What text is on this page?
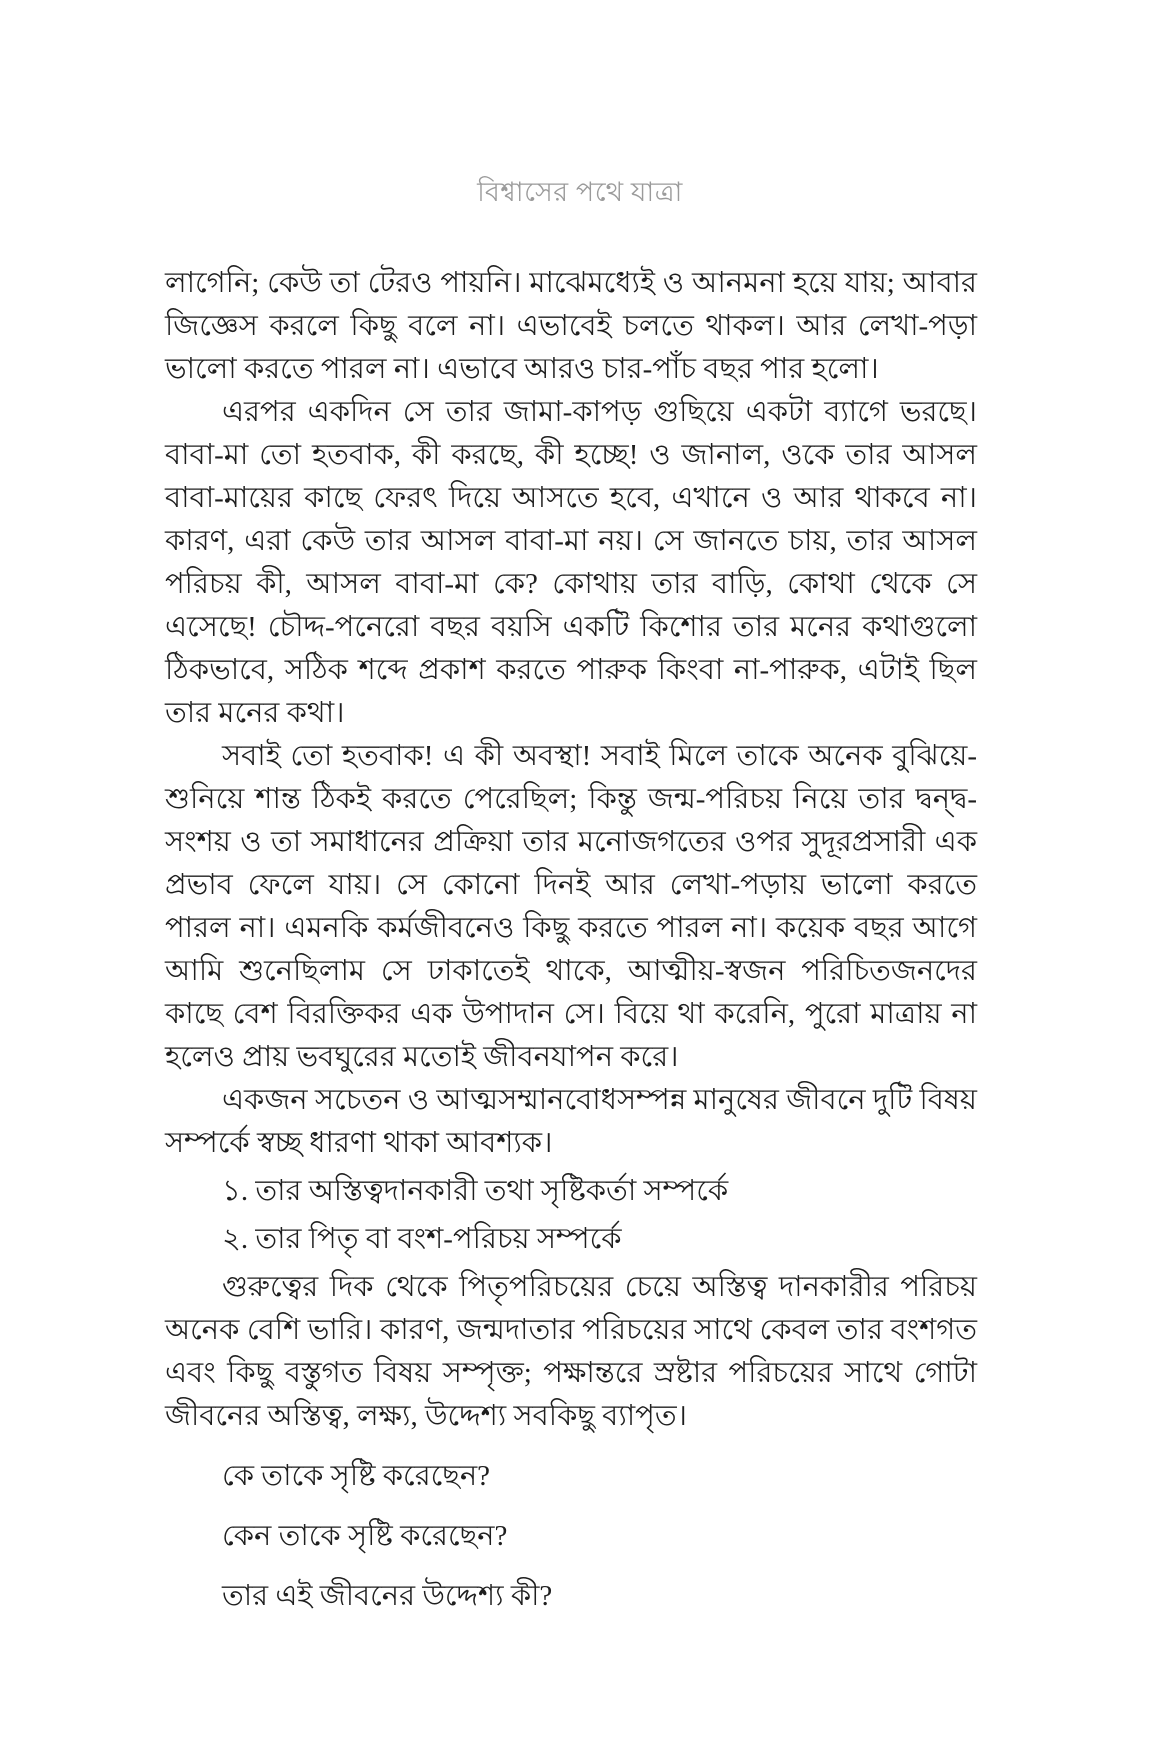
বিশ্বাসের পথে যাত্রা

লাগেনি; কেউ তা টেরও পায়নি। মাঝেমধ্যেই ও আনমনা হয়ে যায়; আবার জিজ্ঞেস করলে কিছু বলে না। এভাবেই চলতে থাকল। আর লেখা-পড়া ভালো করতে পারল না। এভাবে আরও চার-পাঁচ বছর পার হলো।

এরপর একদিন সে তার জামা-কাপড় গুছিয়ে একটা ব্যাগে ভরছে। বাবা-মা তো হতবাক, কী করছে, কী হচ্ছে! ও জানাল, ওকে তার আসল বাবা-মায়ের কাছে ফেরৎ দিয়ে আসতে হবে, এখানে ও আর থাকবে না। কারণ, এরা কেউ তার আসল বাবা-মা নয়। সে জানতে চায়, তার আসল পরিচয় কী, আসল বাবা-মা কে? কোথায় তার বাড়ি, কোথা থেকে সে এসেছে! চৌদ্দ-পনেরো বছর বয়সি একটি কিশোর তার মনের কথাগুলো ঠিকভাবে, সঠিক শব্দে প্রকাশ করতে পারুক কিংবা না-পারুক, এটাই ছিল তার মনের কথা।

সবাই তো হতবাক! এ কী অবস্থা! সবাই মিলে তাকে অনেক বুঝিয়ে-শুনিয়ে শান্ত ঠিকই করতে পেরেছিল; কিন্তু জন্ম-পরিচয় নিয়ে তার দ্বন্দ্ব-সংশয় ও তা সমাধানের প্রক্রিয়া তার মনোজগতের ওপর সুদূরপ্রসারী এক প্রভাব ফেলে যায়। সে কোনো দিনই আর লেখা-পড়ায় ভালো করতে পারল না। এমনকি কর্মজীবনেও কিছু করতে পারল না। কয়েক বছর আগে আমি শুনেছিলাম সে ঢাকাতেই থাকে, আত্মীয়-স্বজন পরিচিতজনদের কাছে বেশ বিরক্তিকর এক উপাদান সে। বিয়ে থা করেনি, পুরো মাত্রায় না হলেও প্রায় ভবঘুরের মতোই জীবনযাপন করে।

একজন সচেতন ও আত্মসম্মানবোধসম্পন্ন মানুষের জীবনে দুটি বিষয় সম্পর্কে স্বচ্ছ ধারণা থাকা আবশ্যক।

১. তার অস্তিত্বদানকারী তথা সৃষ্টিকর্তা সম্পর্কে

২. তার পিতৃ বা বংশ-পরিচয় সম্পর্কে

গুরুত্বের দিক থেকে পিতৃপরিচয়ের চেয়ে অস্তিত্ব দানকারীর পরিচয় অনেক বেশি ভারি। কারণ, জন্মদাতার পরিচয়ের সাথে কেবল তার বংশগত এবং কিছু বস্তুগত বিষয় সম্পৃক্ত; পক্ষান্তরে স্রষ্টার পরিচয়ের সাথে গোটা জীবনের অস্তিত্ব, লক্ষ্য, উদ্দেশ্য সবকিছু ব্যাপৃত।

কে তাকে সৃষ্টি করেছেন?

কেন তাকে সৃষ্টি করেছেন?

তার এই জীবনের উদ্দেশ্য কী?
